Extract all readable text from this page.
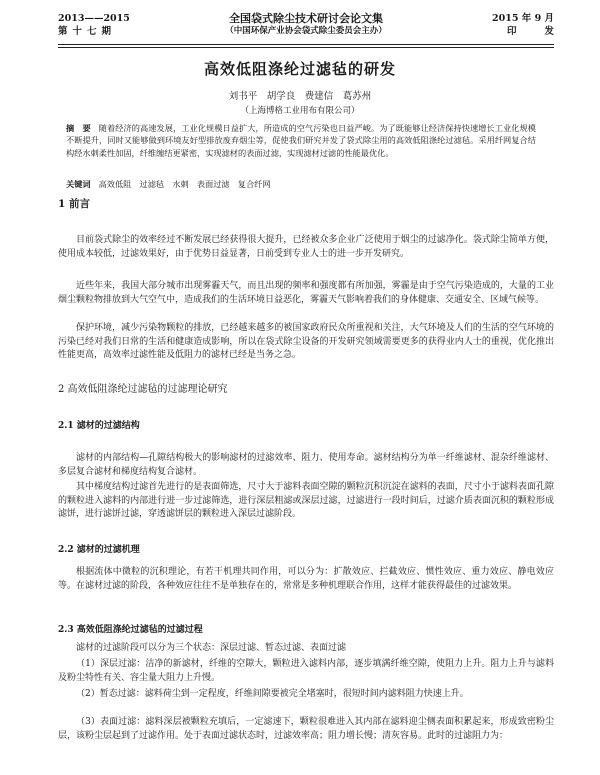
2013——2015
第十七期
全国袋式除尘技术研讨会论文集
（中国环保产业协会袋式除尘委员会主办）
2015 年 9 月
印发
高效低阻涤纶过滤毡的研发
刘书平　胡学良　费建信　葛苏州
（上海博格工业用布有限公司）
摘　要 随着经济的高速发展，工业化规模日益扩大，所造成的空气污染也日益严峻。为了既能够让经济保持快速增长工业化规模不断提升，同时又能够做到环境友好型排放废弃烟尘等，促使我们研究并发了袋式除尘用的高效低阻涤纶过滤毡。采用纤网复合结构经水刺柔性加固，纤维缠结更紧密，实现滤材的表面过滤，实现滤材过滤的性能最优化。
关键词 高效低阻　过滤毡　水刺　表面过滤　复合纤网
1 前言
目前袋式除尘的效率经过不断发展已经获得很大提升，已经被众多企业广泛使用于烟尘的过滤净化。袋式除尘简单方便，使用成本较低，过滤效果好，由于优势日益显著，日前受到专业人士的进一步开发研究。
近些年来，我国大部分城市出现雾霾天气，而且出现的频率和强度都有所加强，雾霾是由于空气污染造成的，大量的工业烟尘颗粒物排放到大气空气中，造成我们的生活环境日益恶化，雾霾天气影响着我们的身体健康、交通安全、区域气候等。
保护环境，减少污染物颗粒的排放，已经越来越多的被国家政府民众所重视和关注，大气环境及人们的生活的空气环境的污染已经对我们日常的生活和健康造成影响，所以在袋式除尘设备的开发研究领域需要更多的获得业内人士的重视，优化推出性能更高，高效率过滤性能及低阻力的滤材已经是当务之急。
2 高效低阻涤纶过滤毡的过滤理论研究
2.1 滤材的过滤结构
滤材的内部结构—孔隙结构极大的影响滤材的过滤效率、阻力、使用寿命。滤材结构分为单一纤维滤材、混杂纤维滤材、多层复合滤材和梯度结构复合滤材。
其中梯度结构过滤首先进行的是表面筛选，尺寸大于滤料表面空隙的颗粒沉积沉淀在滤料的表面，尺寸小于滤料表面孔隙的颗粒进入滤料的内部进行进一步过滤筛选，进行深层粗滤或深层过滤，过滤进行一段时间后，过滤介质表面沉积的颗粒形成滤饼，进行滤饼过滤，穿透滤饼层的颗粒进入深层过滤阶段。
2.2 滤材的过滤机理
根据流体中微粒的沉积理论，有若干机理共同作用，可以分为：扩散效应、拦截效应、惯性效应、重力效应、静电效应等。在滤材过滤的阶段，各种效应往往不是单独存在的，常常是多种机理联合作用，这样才能获得最佳的过滤效果。
2.3 高效低阻涤纶过滤毡的过滤过程
滤材的过滤阶段可以分为三个状态：深层过滤、暂态过滤、表面过滤
（1）深层过滤：洁净的新滤材，纤维的空隙大，颗粒进入滤料内部，逐步填满纤维空隙，使阻力上升。阻力上升与滤料及粉尘特性有关、容尘量大阻力上升慢。
（2）暂态过滤：滤料荷尘到一定程度，纤维间隙要被完全堵塞时，很短时间内滤料阻力快速上升。
（3）表面过滤：滤料深层被颗粒充填后，一定滤速下，颗粒很难进入其内部在滤料迎尘侧表面积累起来，形成致密粉尘层，该粉尘层起到了过滤作用。处于表面过滤状态时，过滤效率高；阻力增长慢；清灰容易。此时的过滤阻力为：
